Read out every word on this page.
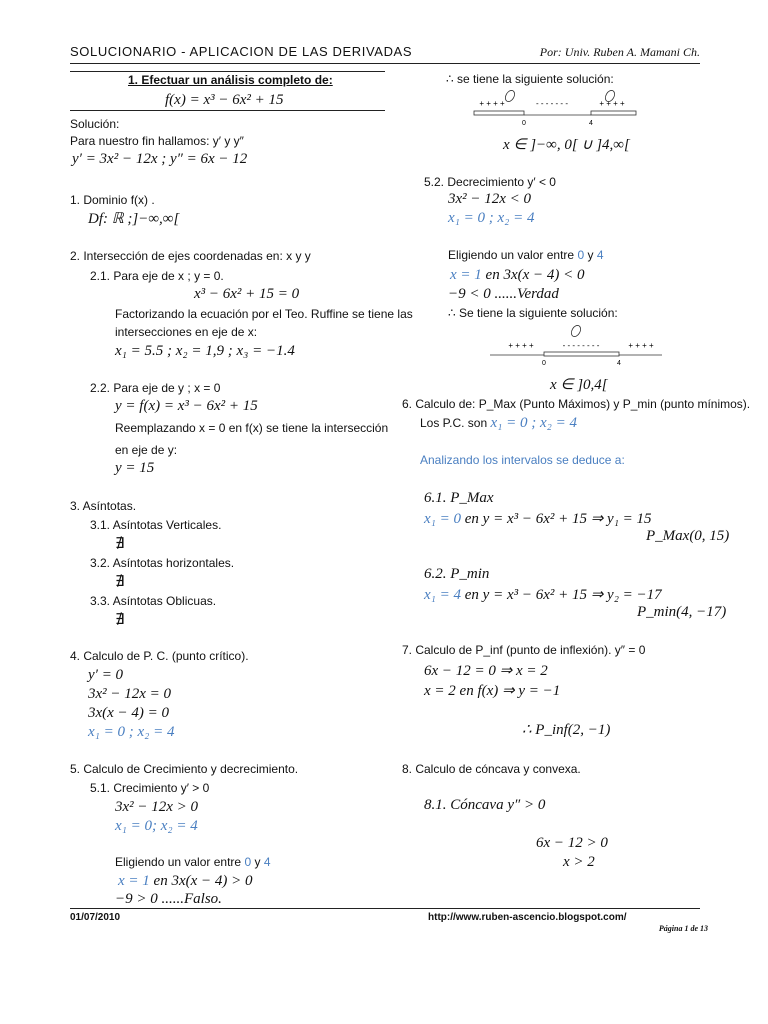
SOLUCIONARIO - APLICACION DE LAS DERIVADAS	Por: Univ. Ruben A. Mamani Ch.
1. Efectuar un análisis completo de:
f(x) = x³ − 6x² + 15
Solución:
Para nuestro fin hallamos: y′ y y″
y′ = 3x² − 12x ; y″ = 6x − 12
1. Dominio f(x) .
Df: ℝ ;]−∞,∞[
2. Intersección de ejes coordenadas en: x y y
2.1. Para eje de x ; y = 0.
x³ − 6x² + 15 = 0
Factorizando la ecuación por el Teo. Ruffine se tiene las
intersecciones en eje de x:
x₁ = 5.5 ; x₂ = 1,9 ; x₃ = −1.4
2.2. Para eje de y ; x = 0
y = f(x) = x³ − 6x² + 15
Reemplazando x = 0 en f(x) se tiene la intersección
en eje de y:
y = 15
3. Asíntotas.
3.1. Asíntotas Verticales.
∄
3.2. Asíntotas horizontales.
∄
3.3. Asíntotas Oblicuas.
∄
4. Calculo de P. C. (punto crítico).
y′ = 0
3x² − 12x = 0
3x(x − 4) = 0
x₁ = 0 ; x₂ = 4
5. Calculo de Crecimiento y decrecimiento.
5.1. Crecimiento y′ > 0
3x² − 12x > 0
x₁ = 0; x₂ = 4
Eligiendo un valor entre 0 y 4
x = 1 en 3x(x − 4) > 0
−9 > 0 ......Falso.
∴ se tiene la siguiente solución:
+ + + +	- - - - - - -	+ + + +
0	4
x ∈ ]−∞, 0[ ∪ ]4,∞[
5.2. Decrecimiento y′ < 0
3x² − 12x < 0
x₁ = 0 ; x₂ = 4
Eligiendo un valor entre 0 y 4
x = 1 en 3x(x − 4) < 0
−9 < 0 ......Verdad
∴ Se tiene la siguiente solución:
+ + + +	- - - - - - - -	+ + + +
0	4
x ∈ ]0,4[
6. Calculo de: P_Max (Punto Máximos) y P_min (punto mínimos).
Los P.C. son x₁ = 0 ; x₂ = 4
Analizando los intervalos se deduce a:
6.1. P_Max
x₁ = 0 en y = x³ − 6x² + 15 ⇒ y₁ = 15
P_Max(0, 15)
6.2. P_min
x₁ = 4 en y = x³ − 6x² + 15 ⇒ y₂ = −17
P_min(4, −17)
7. Calculo de P_inf (punto de inflexión). y″ = 0
6x − 12 = 0 ⇒ x = 2
x = 2 en f(x) ⇒ y = −1
∴ P_inf(2, −1)
8. Calculo de cóncava y convexa.
8.1. Cóncava y″ > 0
6x − 12 > 0
x > 2
01/07/2010	http://www.ruben-ascencio.blogspot.com/
Página 1 de 13
